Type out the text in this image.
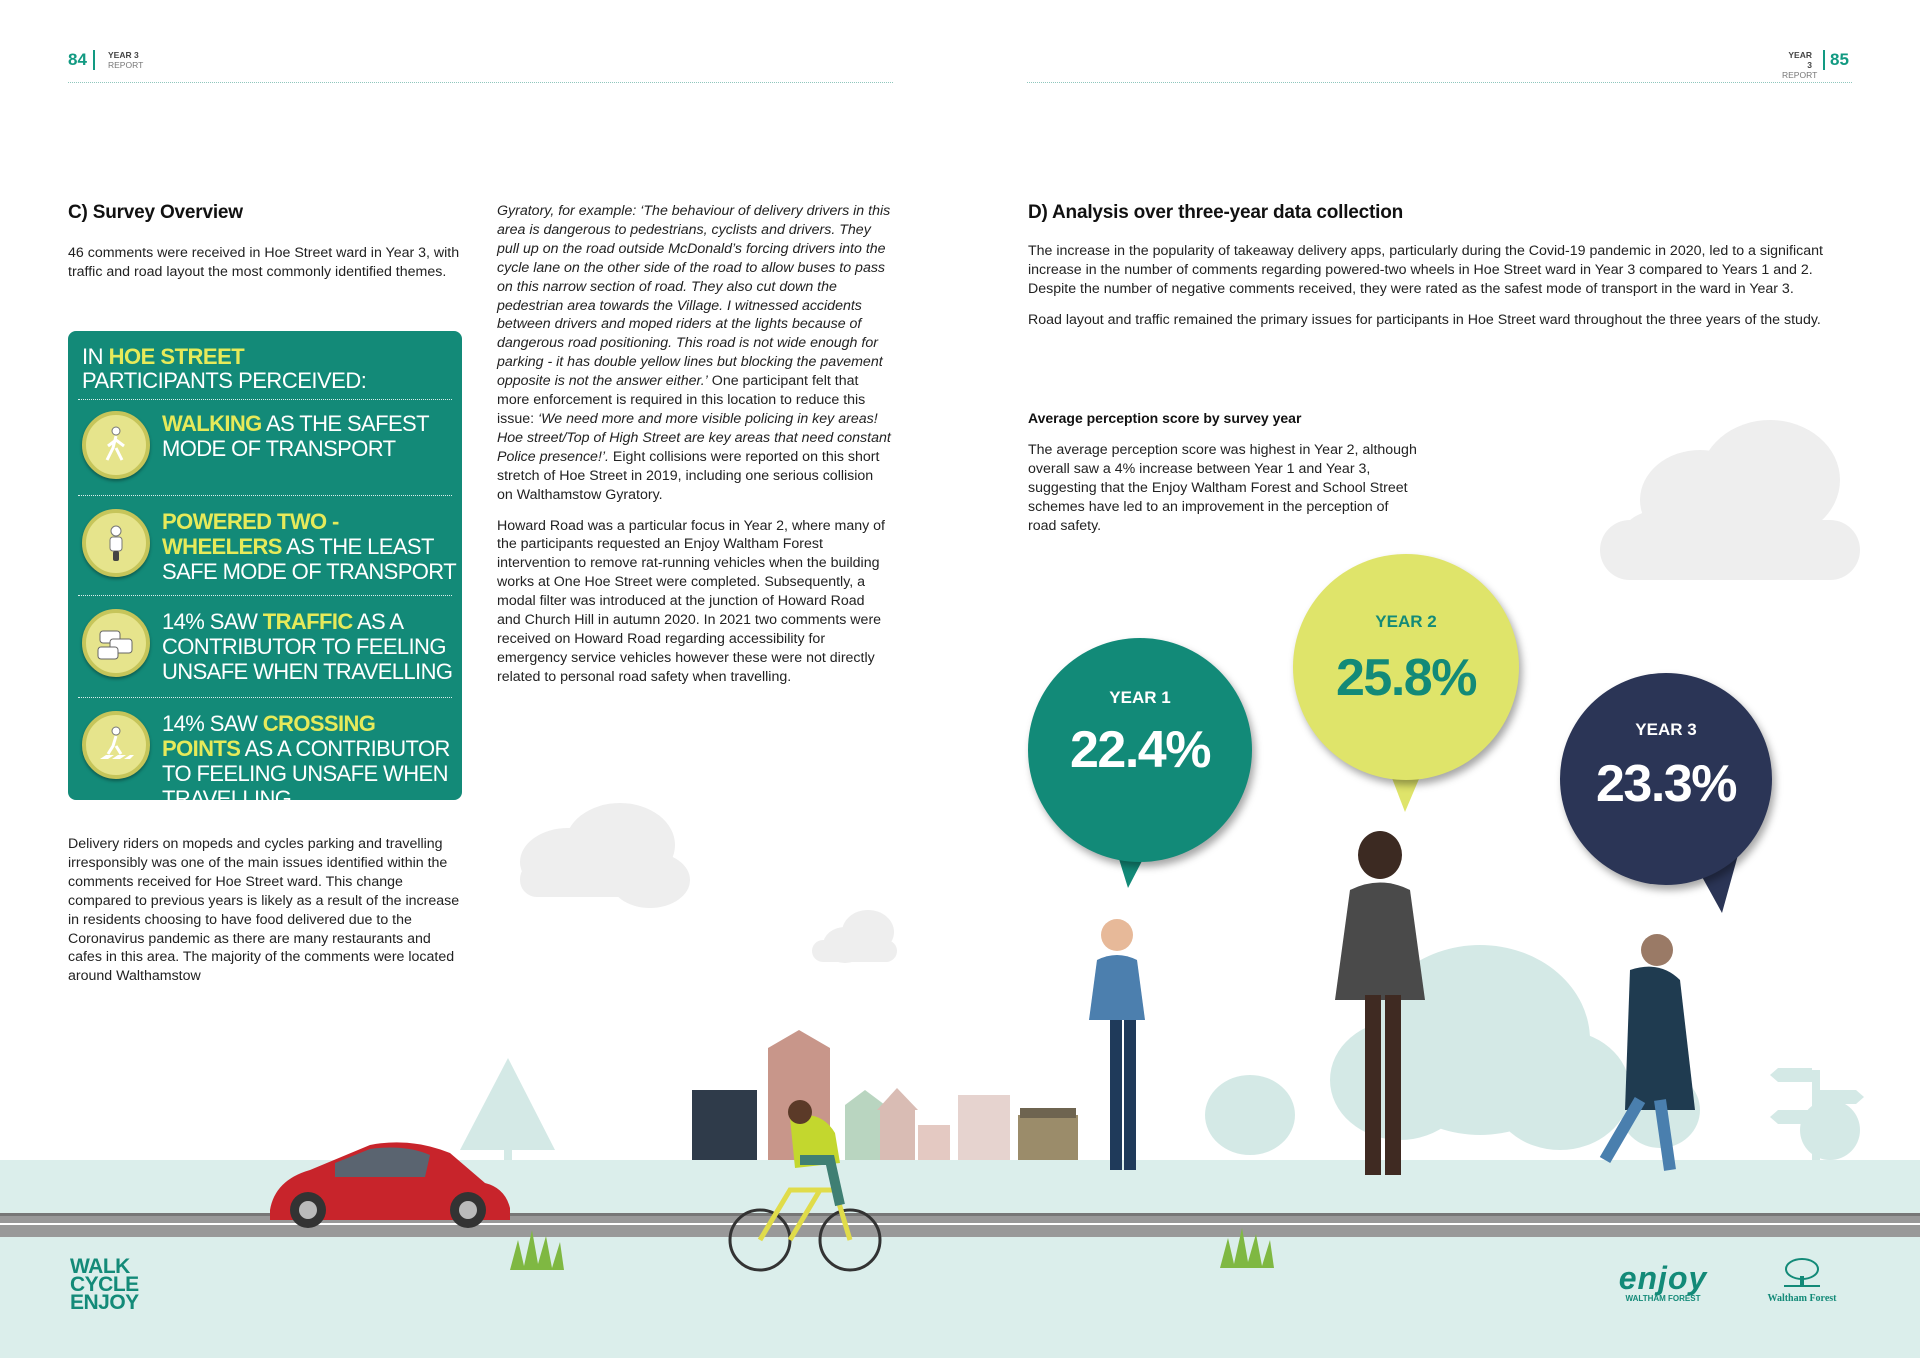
84 YEAR 3
REPORT
YEAR 3
REPORT
85
C) Survey Overview
46 comments were received in Hoe Street ward in Year 3, with traffic and road layout the most commonly identified themes.
IN HOE STREET
PARTICIPANTS PERCEIVED:
WALKING AS THE SAFEST MODE OF TRANSPORT
POWERED TWO - WHEELERS AS THE LEAST SAFE MODE OF TRANSPORT
14% SAW TRAFFIC AS A CONTRIBUTOR TO FEELING UNSAFE WHEN TRAVELLING
14% SAW CROSSING POINTS AS A CONTRIBUTOR TO FEELING UNSAFE WHEN TRAVELLING
Delivery riders on mopeds and cycles parking and travelling irresponsibly was one of the main issues identified within the comments received for Hoe Street ward. This change compared to previous years is likely as a result of the increase in residents choosing to have food delivered due to the Coronavirus pandemic as there are many restaurants and cafes in this area. The majority of the comments were located around Walthamstow

Gyratory, for example: ‘The behaviour of delivery drivers in this area is dangerous to pedestrians, cyclists and drivers. They pull up on the road outside McDonald’s forcing drivers into the cycle lane on the other side of the road to allow buses to pass on this narrow section of road. They also cut down the pedestrian area towards the Village. I witnessed accidents between drivers and moped riders at the lights because of dangerous road positioning. This road is not wide enough for parking - it has double yellow lines but blocking the pavement opposite is not the answer either.’ One participant felt that more enforcement is required in this location to reduce this issue: ‘We need more and more visible policing in key areas! Hoe street/Top of High Street are key areas that need constant Police presence!’. Eight collisions were reported on this short stretch of Hoe Street in 2019, including one serious collision on Walthamstow Gyratory.

Howard Road was a particular focus in Year 2, where many of the participants requested an Enjoy Waltham Forest intervention to remove rat-running vehicles when the building works at One Hoe Street were completed. Subsequently, a modal filter was introduced at the junction of Howard Road and Church Hill in autumn 2020. In 2021 two comments were received on Howard Road regarding accessibility for emergency service vehicles however these were not directly related to personal road safety when travelling.

WALK
CYCLE
ENJOY
D) Analysis over three-year data collection

The increase in the popularity of takeaway delivery apps, particularly during the Covid-19 pandemic in 2020, led to a significant increase in the number of comments regarding powered-two wheels in Hoe Street ward in Year 3 compared to Years 1 and 2. Despite the number of negative comments received, they were rated as the safest mode of transport in the ward in Year 3.

Road layout and traffic remained the primary issues for participants in Hoe Street ward throughout the three years of the study.

Average perception score by survey year
The average perception score was highest in Year 2, although overall saw a 4% increase between Year 1 and Year 3, suggesting that the Enjoy Waltham Forest and School Street schemes have led to an improvement in the perception of road safety.
YEAR 1
22.4%
YEAR 2
25.8%
YEAR 3
23.3%
enjoy
WALTHAM FOREST	Waltham Forest
